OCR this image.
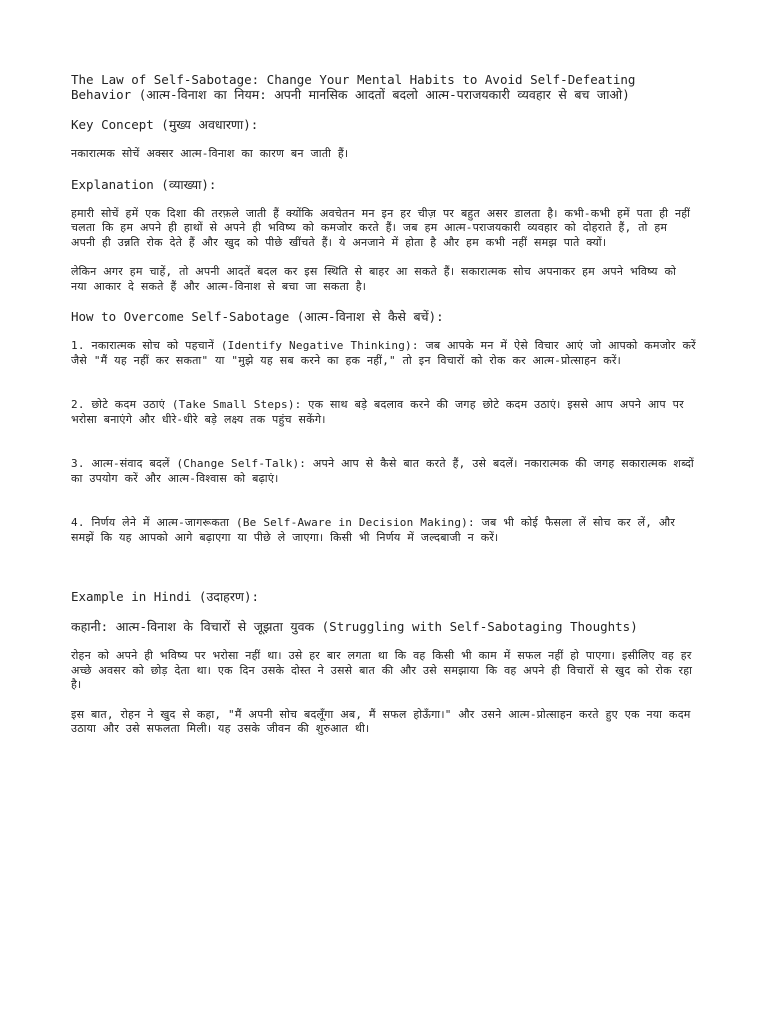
The Law of Self-Sabotage: Change Your Mental Habits to Avoid Self-Defeating Behavior (आत्म-विनाश का नियम: अपनी मानसिक आदतों बदलो आत्म-पराजयकारी व्यवहार से बच जाओ)

Key Concept (मुख्य अवधारणा):

नकारात्मक सोचें अक्सर आत्म-विनाश का कारण बन जाती हैं।

Explanation (व्याख्या):

हमारी सोचें हमें एक दिशा की तरफ़ले जाती हैं क्योंकि अवचेतन मन इन हर चीज़ पर बहुत असर डालता है। कभी-कभी हमें पता ही नहीं चलता कि हम अपने ही हाथों से अपने ही भविष्य को कमजोर करते हैं। जब हम आत्म-पराजयकारी व्यवहार को दोहराते हैं, तो हम अपनी ही उन्नति रोक देते हैं और खुद को पीछे खींचते हैं। ये अनजाने में होता है और हम कभी नहीं समझ पाते क्यों।

लेकिन अगर हम चाहें, तो अपनी आदतें बदल कर इस स्थिति से बाहर आ सकते हैं। सकारात्मक सोच अपनाकर हम अपने भविष्य को नया आकार दे सकते हैं और आत्म-विनाश से बचा जा सकता है।

How to Overcome Self-Sabotage (आत्म-विनाश से कैसे बचें):

1. नकारात्मक सोच को पहचानें (Identify Negative Thinking): जब आपके मन में ऐसे विचार आएं जो आपको कमजोर करें जैसे "मैं यह नहीं कर सकता" या "मुझे यह सब करने का हक नहीं," तो इन विचारों को रोक कर आत्म-प्रोत्साहन करें।

2. छोटे कदम उठाएं (Take Small Steps): एक साथ बड़े बदलाव करने की जगह छोटे कदम उठाएं। इससे आप अपने आप पर भरोसा बनाएंगे और धीरे-धीरे बड़े लक्ष्य तक पहुंच सकेंगे।

3. आत्म-संवाद बदलें (Change Self-Talk): अपने आप से कैसे बात करते हैं, उसे बदलें। नकारात्मक की जगह सकारात्मक शब्दों का उपयोग करें और आत्म-विश्वास को बढ़ाएं।

4. निर्णय लेने में आत्म-जागरूकता (Be Self-Aware in Decision Making): जब भी कोई फैसला लें सोच कर लें, और समझें कि यह आपको आगे बढ़ाएगा या पीछे ले जाएगा। किसी भी निर्णय में जल्दबाजी न करें।

Example in Hindi (उदाहरण):

कहानी: आत्म-विनाश के विचारों से जूझता युवक (Struggling with Self-Sabotaging Thoughts)

रोहन को अपने ही भविष्य पर भरोसा नहीं था। उसे हर बार लगता था कि वह किसी भी काम में सफल नहीं हो पाएगा। इसीलिए वह हर अच्छे अवसर को छोड़ देता था। एक दिन उसके दोस्त ने उससे बात की और उसे समझाया कि वह अपने ही विचारों से खुद को रोक रहा है।

इस बात, रोहन ने खुद से कहा, "मैं अपनी सोच बदलूँगा अब, मैं सफल होऊँगा।" और उसने आत्म-प्रोत्साहन करते हुए एक नया कदम उठाया और उसे सफलता मिली। यह उसके जीवन की शुरुआत थी।
